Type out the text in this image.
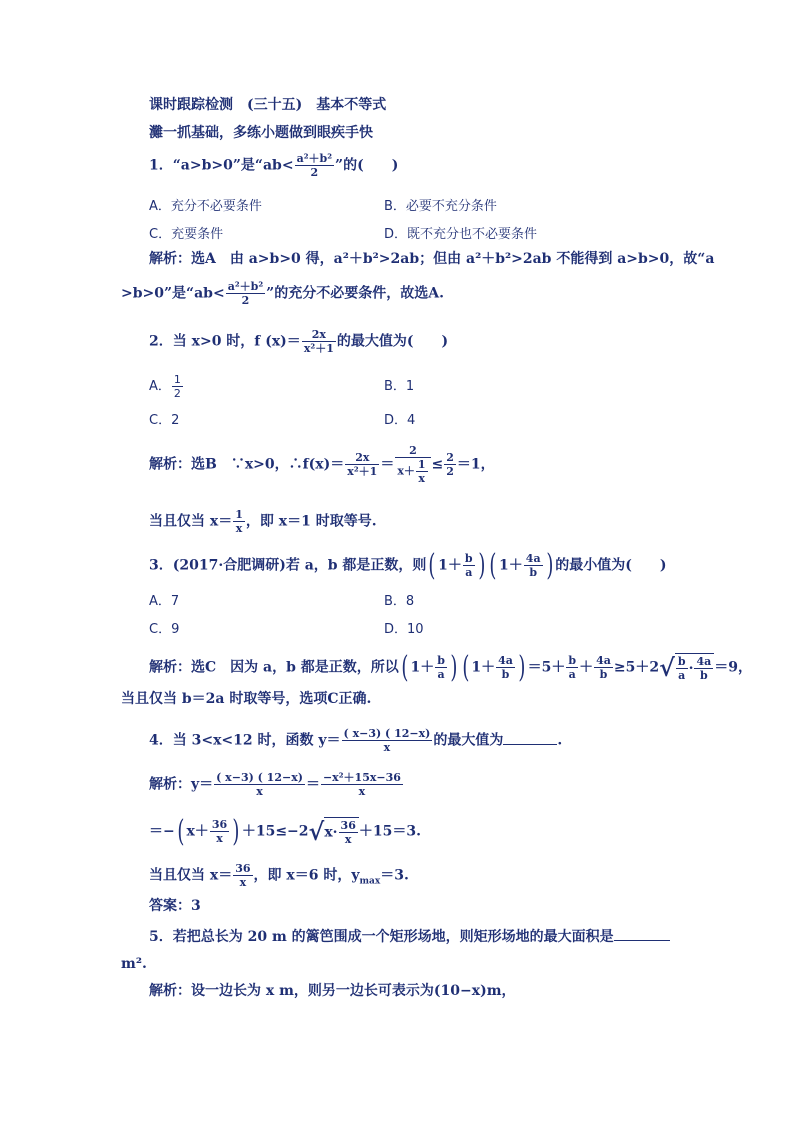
课时跟踪检测　(三十五)　基本不等式
灘一抓基础，多练小题做到眼疾手快
1．“a>b>0”是“$ab< \frac{\text{a²＋b²}}{2}$ ”的(　　)
A．充分不必要条件	B．必要不充分条件
C．充要条件	D．既不充分也不必要条件
解析：选A　由 a>b>0 得，a²＋b²>2ab；但由 a²＋b²>2ab 不能得到 a>b>0，故“a
>b>0”是“$ab< \frac{\text{a²＋b²}}{2}$ ”的充分不必要条件，故选A.
2．当 x>0 时，f $(x)= \frac{2x}{\text{x²＋1}}$ 的最大值为(　　)
A． $\frac{1}{2}$	B．1
C．2	D．4
解析：选B　∵x>0，∴f(x)＝ $\frac{2x}{\text{x²＋1}} = \frac{2}{x+ \frac{1}{x}} \le \frac{2}{2} =1$，
当且仅当 $x= \frac{1}{x}$ ，即 x＝1 时取等号.
3．(2017·合肥调研)若 a，b 都是正数，则( $1+ \frac{b}{a}$ ) ( $1+ \frac{4a}{b}$ ) 的最小值为(　　)
A．7	B．8
C．9	D．10
解析：选C　因为 a，b 都是正数，所以( $1+ \frac{b}{a}$ ) ( $1+ \frac{4a}{b}$ ) $=5+ \frac{b}{a} + \frac{4a}{b} \ge 5+2√ \frac{b}{a} \cdot \frac{4a}{b} =9$，
当且仅当 b＝2a 时取等号，选项C正确.
4．当 3<x<12 时，函数 $y= \frac{( x-3) ( 12-x)}{x}$ 的最大值为	.
解析：$y= \frac{( x-3) ( 12-x)}{x} = \frac{\text{−x²＋15x−36}}{x}$
＝−( $x+ \frac{36}{x}$ ) $+15\le-2√x\cdot \frac{36}{x} +15=3$.
当且仅当 $x= \frac{36}{x}$ ，即 x＝6 时，$y_{max}=3$.
答案：3
5．若把总长为 20 m 的篱笆围成一个矩形场地，则矩形场地的最大面积是
m².
解析：设一边长为 x m，则另一边长可表示为(10−x)m，
